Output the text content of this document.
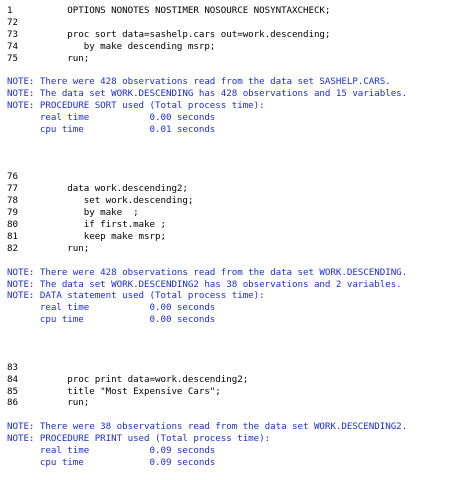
1          OPTIONS NONOTES NOSTIMER NOSOURCE NOSYNTAXCHECK;
72
73         proc sort data=sashelp.cars out=work.descending;
74            by make descending msrp;
75         run;
NOTE: There were 428 observations read from the data set SASHELP.CARS.
NOTE: The data set WORK.DESCENDING has 428 observations and 15 variables.
NOTE: PROCEDURE SORT used (Total process time):
real time           0.00 seconds
cpu time            0.01 seconds
76
77         data work.descending2;
78            set work.descending;
79            by make  ;
80            if first.make ;
81            keep make msrp;
82         run;
NOTE: There were 428 observations read from the data set WORK.DESCENDING.
NOTE: The data set WORK.DESCENDING2 has 38 observations and 2 variables.
NOTE: DATA statement used (Total process time):
real time           0.00 seconds
cpu time            0.00 seconds
83
84         proc print data=work.descending2;
85         title "Most Expensive Cars";
86         run;
NOTE: There were 38 observations read from the data set WORK.DESCENDING2.
NOTE: PROCEDURE PRINT used (Total process time):
real time           0.09 seconds
cpu time            0.09 seconds
